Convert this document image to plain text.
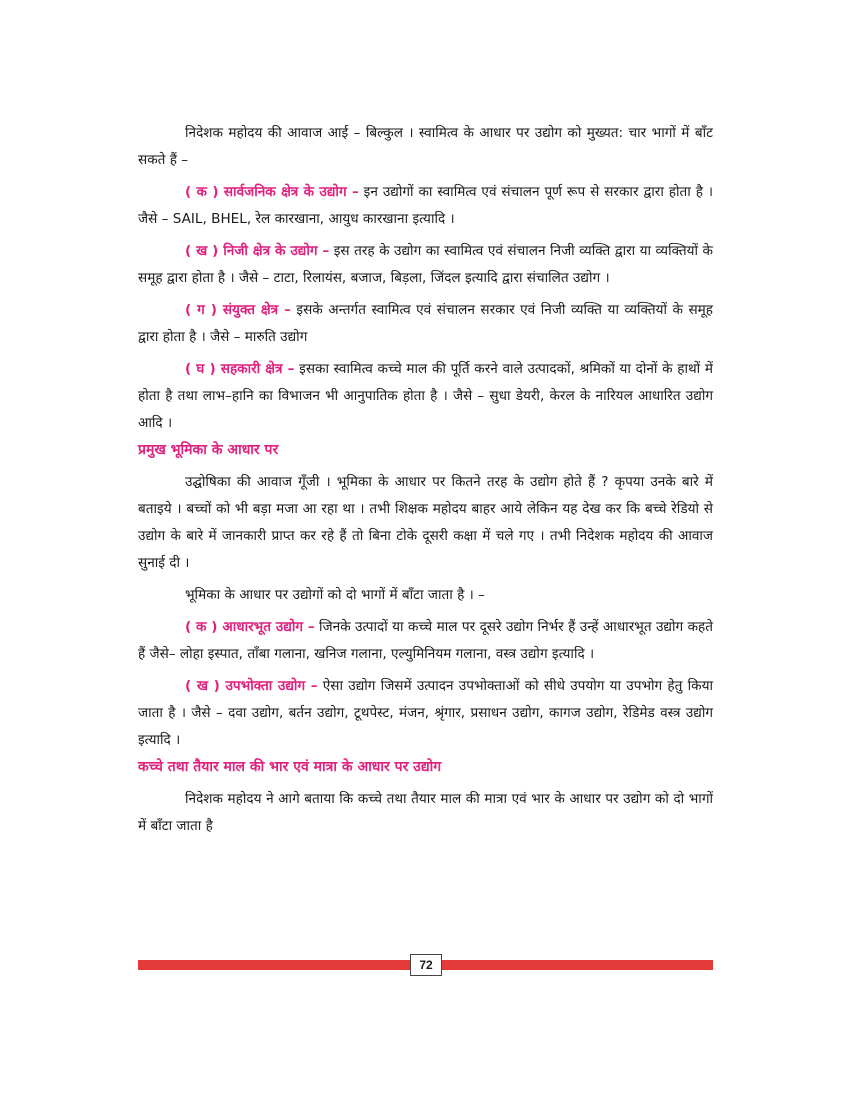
निदेशक महोदय की आवाज आई – बिल्कुल । स्वामित्व के आधार पर उद्योग को मुख्यत: चार भागों में बाँट सकते हैं –

( क ) सार्वजनिक क्षेत्र के उद्योग – इन उद्योगों का स्वामित्व एवं संचालन पूर्ण रूप से सरकार द्वारा होता है । जैसे – SAIL, BHEL, रेल कारखाना, आयुध कारखाना इत्यादि ।

( ख ) निजी क्षेत्र के उद्योग – इस तरह के उद्योग का स्वामित्व एवं संचालन निजी व्यक्ति द्वारा या व्यक्तियों के समूह द्वारा होता है । जैसे – टाटा, रिलायंस, बजाज, बिड़ला, जिंदल इत्यादि द्वारा संचालित उद्योग ।

( ग ) संयुक्त क्षेत्र – इसके अन्तर्गत स्वामित्व एवं संचालन सरकार एवं निजी व्यक्ति या व्यक्तियों के समूह द्वारा होता है । जैसे – मारुति उद्योग

( घ ) सहकारी क्षेत्र – इसका स्वामित्व कच्चे माल की पूर्ति करने वाले उत्पादकों, श्रमिकों या दोनों के हाथों में होता है तथा लाभ–हानि का विभाजन भी आनुपातिक होता है । जैसे – सुधा डेयरी, केरल के नारियल आधारित उद्योग आदि ।

प्रमुख भूमिका के आधार पर

उद्घोषिका की आवाज गूँजी । भूमिका के आधार पर कितने तरह के उद्योग होते हैं ? कृपया उनके बारे में बताइये । बच्चों को भी बड़ा मजा आ रहा था । तभी शिक्षक महोदय बाहर आये लेकिन यह देख कर कि बच्चे रेडियो से उद्योग के बारे में जानकारी प्राप्त कर रहे हैं तो बिना टोके दूसरी कक्षा में चले गए । तभी निदेशक महोदय की आवाज सुनाई दी ।

भूमिका के आधार पर उद्योगों को दो भागों में बाँटा जाता है । –

( क ) आधारभूत उद्योग – जिनके उत्पादों या कच्चे माल पर दूसरे उद्योग निर्भर हैं उन्हें आधारभूत उद्योग कहते हैं जैसे– लोहा इस्पात, ताँबा गलाना, खनिज गलाना, एल्युमिनियम गलाना, वस्त्र उद्योग इत्यादि ।

( ख ) उपभोक्ता उद्योग – ऐसा उद्योग जिसमें उत्पादन उपभोक्ताओं को सीधे उपयोग या उपभोग हेतु किया जाता है । जैसे – दवा उद्योग, बर्तन उद्योग, टूथपेस्ट, मंजन, श्रृंगार, प्रसाधन उद्योग, कागज उद्योग, रेडिमेड वस्त्र उद्योग इत्यादि ।

कच्चे तथा तैयार माल की भार एवं मात्रा के आधार पर उद्योग

निदेशक महोदय ने आगे बताया कि कच्चे तथा तैयार माल की मात्रा एवं भार के आधार पर उद्योग को दो भागों में बाँटा जाता है

72
